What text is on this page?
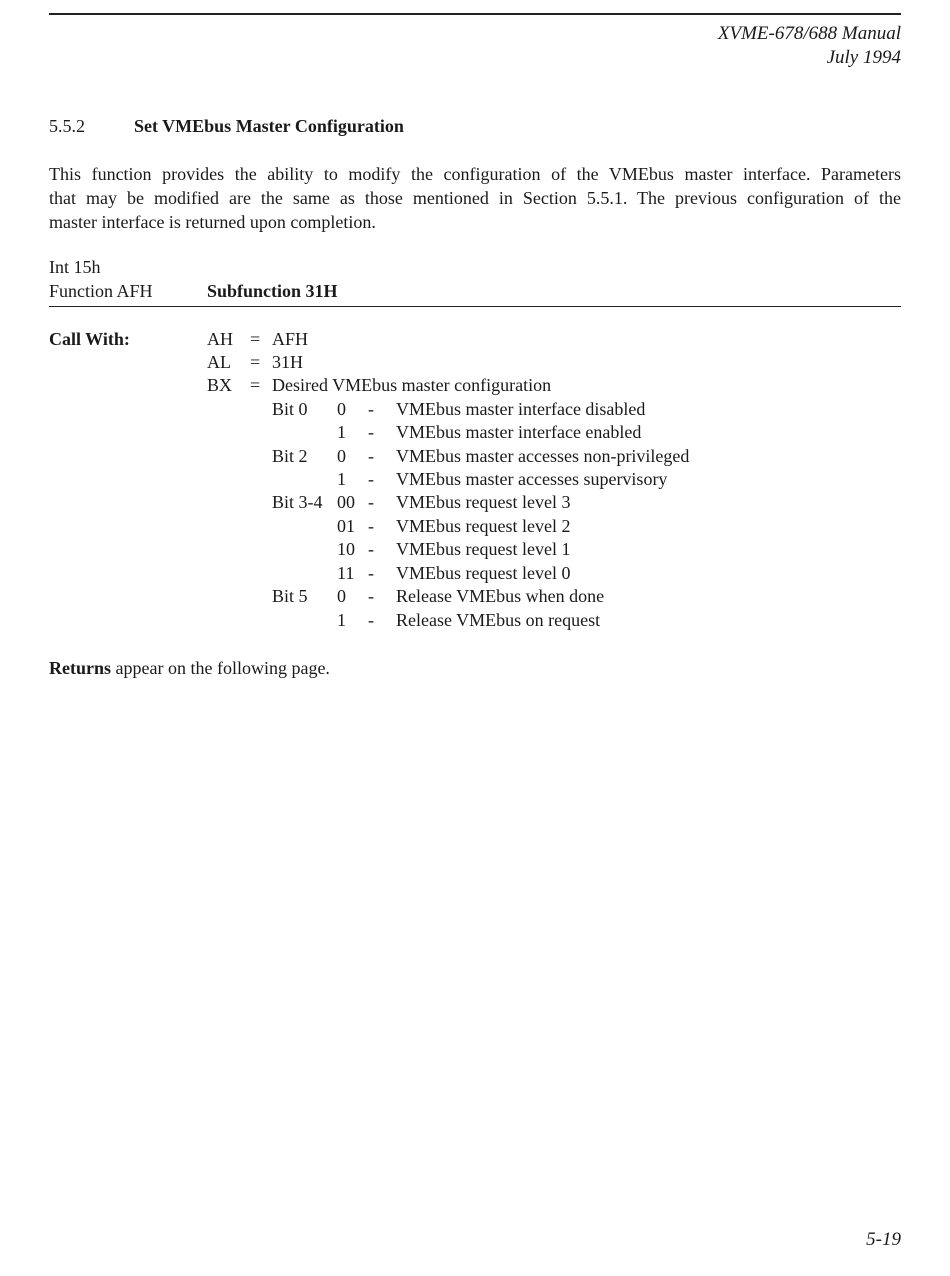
XVME-678/688 Manual
July 1994
5.5.2	Set VMEbus Master Configuration
This function provides the ability to modify the configuration of the VMEbus master interface. Parameters
that may be modified are the same as those mentioned in Section 5.5.1. The previous configuration of the
master interface is returned upon completion.
Int 15h
Function AFH	Subfunction 31H
Call With:	AH = AFH
AL = 31H
BX = Desired VMEbus master configuration
Bit 0 0 - VMEbus master interface disabled
1 - VMEbus master interface enabled
Bit 2 0 - VMEbus master accesses non-privileged
1 - VMEbus master accesses supervisory
Bit 3-4 00 - VMEbus request level 3
01 - VMEbus request level 2
10 - VMEbus request level 1
11 - VMEbus request level 0
Bit 5 0 - Release VMEbus when done
1 - Release VMEbus on request
Returns appear on the following page.
5-19
